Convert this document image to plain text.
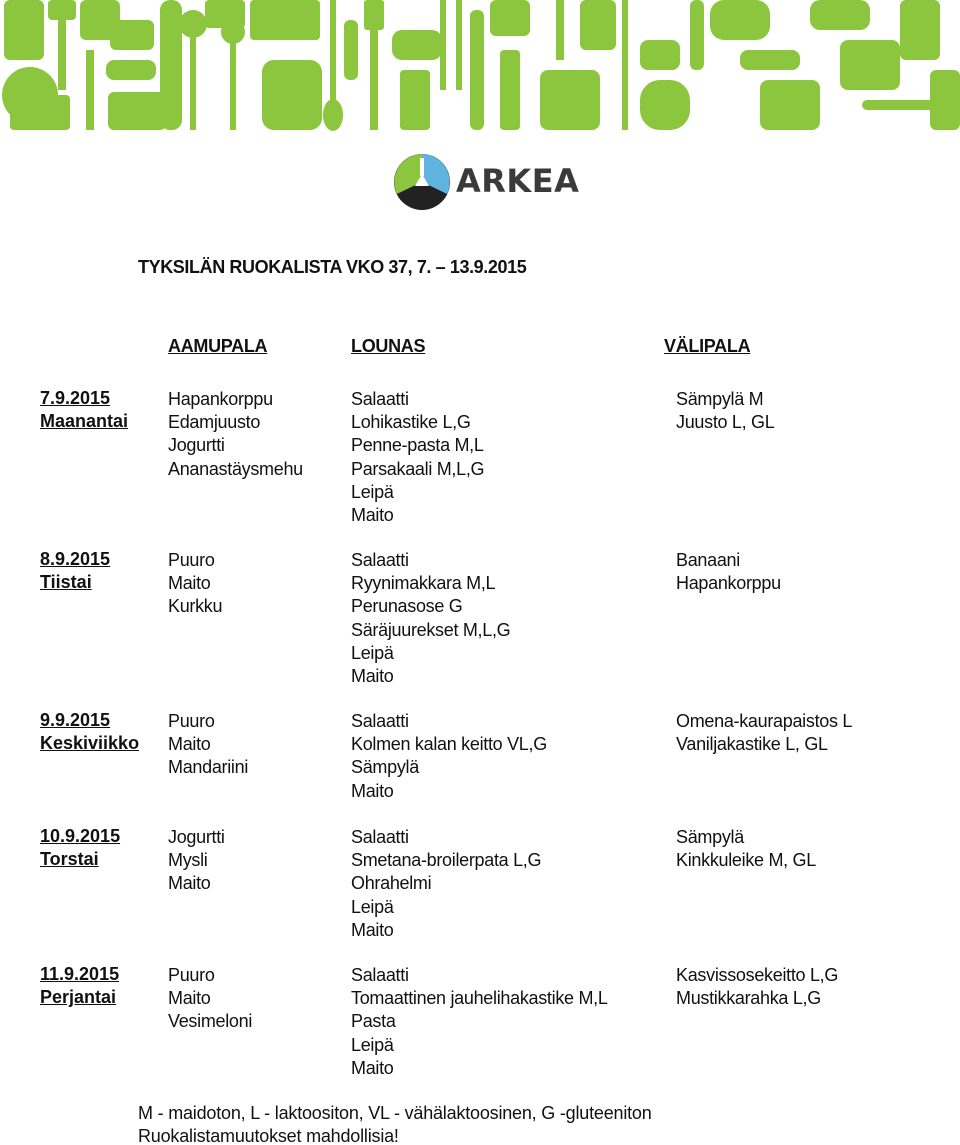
ARKEA
TYKSILÄN RUOKALISTA VKO 37, 7. – 13.9.2015
AAMUPALA	LOUNAS	VÄLIPALA
7.9.2015
Maanantai
Hapankorppu
Edamjuusto
Jogurtti
Ananastäysmehu
Salaatti
Lohikastike L,G
Penne-pasta M,L
Parsakaali M,L,G
Leipä
Maito
Sämpylä M
Juusto L, GL
8.9.2015
Tiistai
Puuro
Maito
Kurkku
Salaatti
Ryynimakkara M,L
Perunasose G
Säräjuurekset M,L,G
Leipä
Maito
Banaani
Hapankorppu
9.9.2015
Keskiviikko
Puuro
Maito
Mandariini
Salaatti
Kolmen kalan keitto VL,G
Sämpylä
Maito
Omena-kaurapaistos L
Vaniljakastike L, GL
10.9.2015
Torstai
Jogurtti
Mysli
Maito
Salaatti
Smetana-broilerpata L,G
Ohrahelmi
Leipä
Maito
Sämpylä
Kinkkuleike M, GL
11.9.2015
Perjantai
Puuro
Maito
Vesimeloni
Salaatti
Tomaattinen jauhelihakastike M,L
Pasta
Leipä
Maito
Kasvissosekeitto L,G
Mustikkarahka L,G
M - maidoton, L - laktoositon, VL - vähälaktoosinen, G -gluteeniton
Ruokalistamuutokset mahdollisia!
